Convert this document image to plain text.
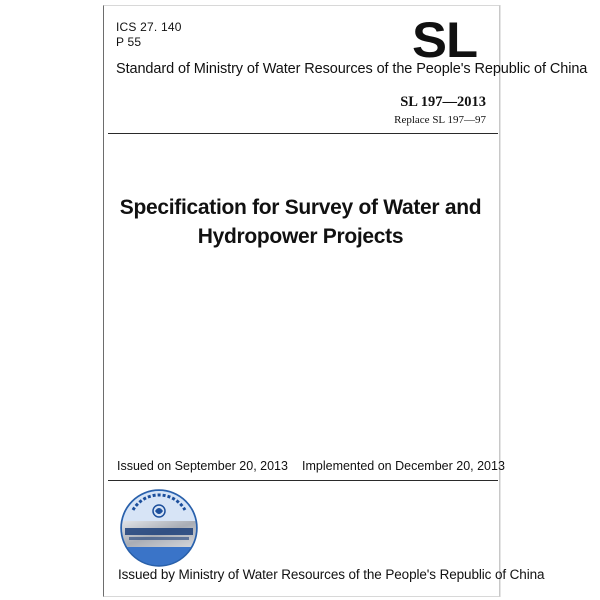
ICS 27. 140
P 55	SL
Standard of Ministry of Water Resources of the People's Republic of China
SL 197—2013
Replace SL 197—97
Specification for Survey of Water and
Hydropower Projects
Issued on September 20, 2013 Implemented on December 20, 2013
Issued by Ministry of Water Resources of the People's Republic of China
